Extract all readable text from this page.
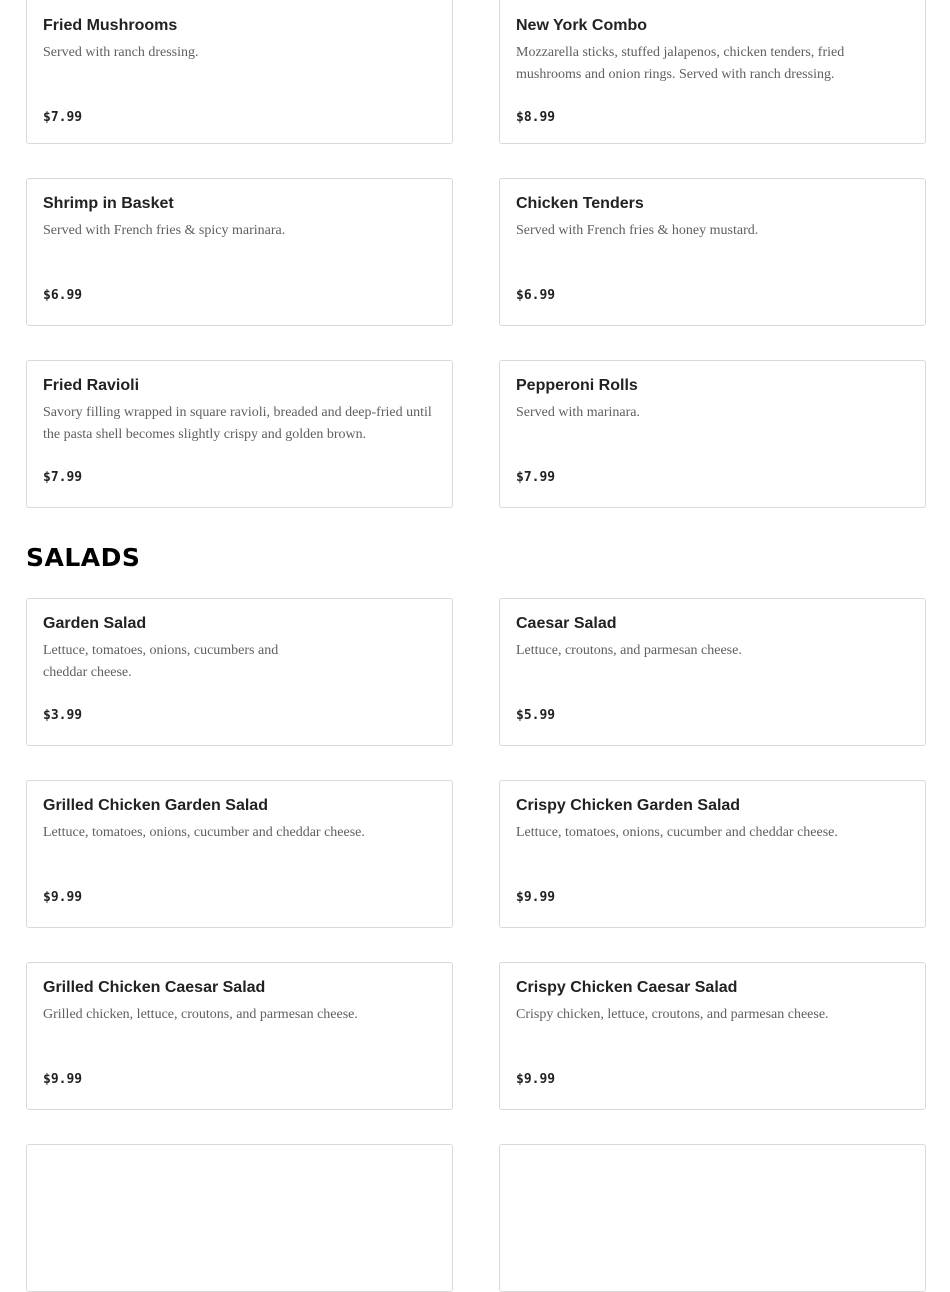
Fried Mushrooms
Served with ranch dressing.
$7.99
New York Combo
Mozzarella sticks, stuffed jalapenos, chicken tenders, fried mushrooms and onion rings. Served with ranch dressing.
$8.99
Shrimp in Basket
Served with French fries & spicy marinara.
$6.99
Chicken Tenders
Served with French fries & honey mustard.
$6.99
Fried Ravioli
Savory filling wrapped in square ravioli, breaded and deep-fried until the pasta shell becomes slightly crispy and golden brown.
$7.99
Pepperoni Rolls
Served with marinara.
$7.99
SALADS
Garden Salad
Lettuce, tomatoes, onions, cucumbers and cheddar cheese.
$3.99
Caesar Salad
Lettuce, croutons, and parmesan cheese.
$5.99
Grilled Chicken Garden Salad
Lettuce, tomatoes, onions, cucumber and cheddar cheese.
$9.99
Crispy Chicken Garden Salad
Lettuce, tomatoes, onions, cucumber and cheddar cheese.
$9.99
Grilled Chicken Caesar Salad
Grilled chicken, lettuce, croutons, and parmesan cheese.
$9.99
Crispy Chicken Caesar Salad
Crispy chicken, lettuce, croutons, and parmesan cheese.
$9.99
